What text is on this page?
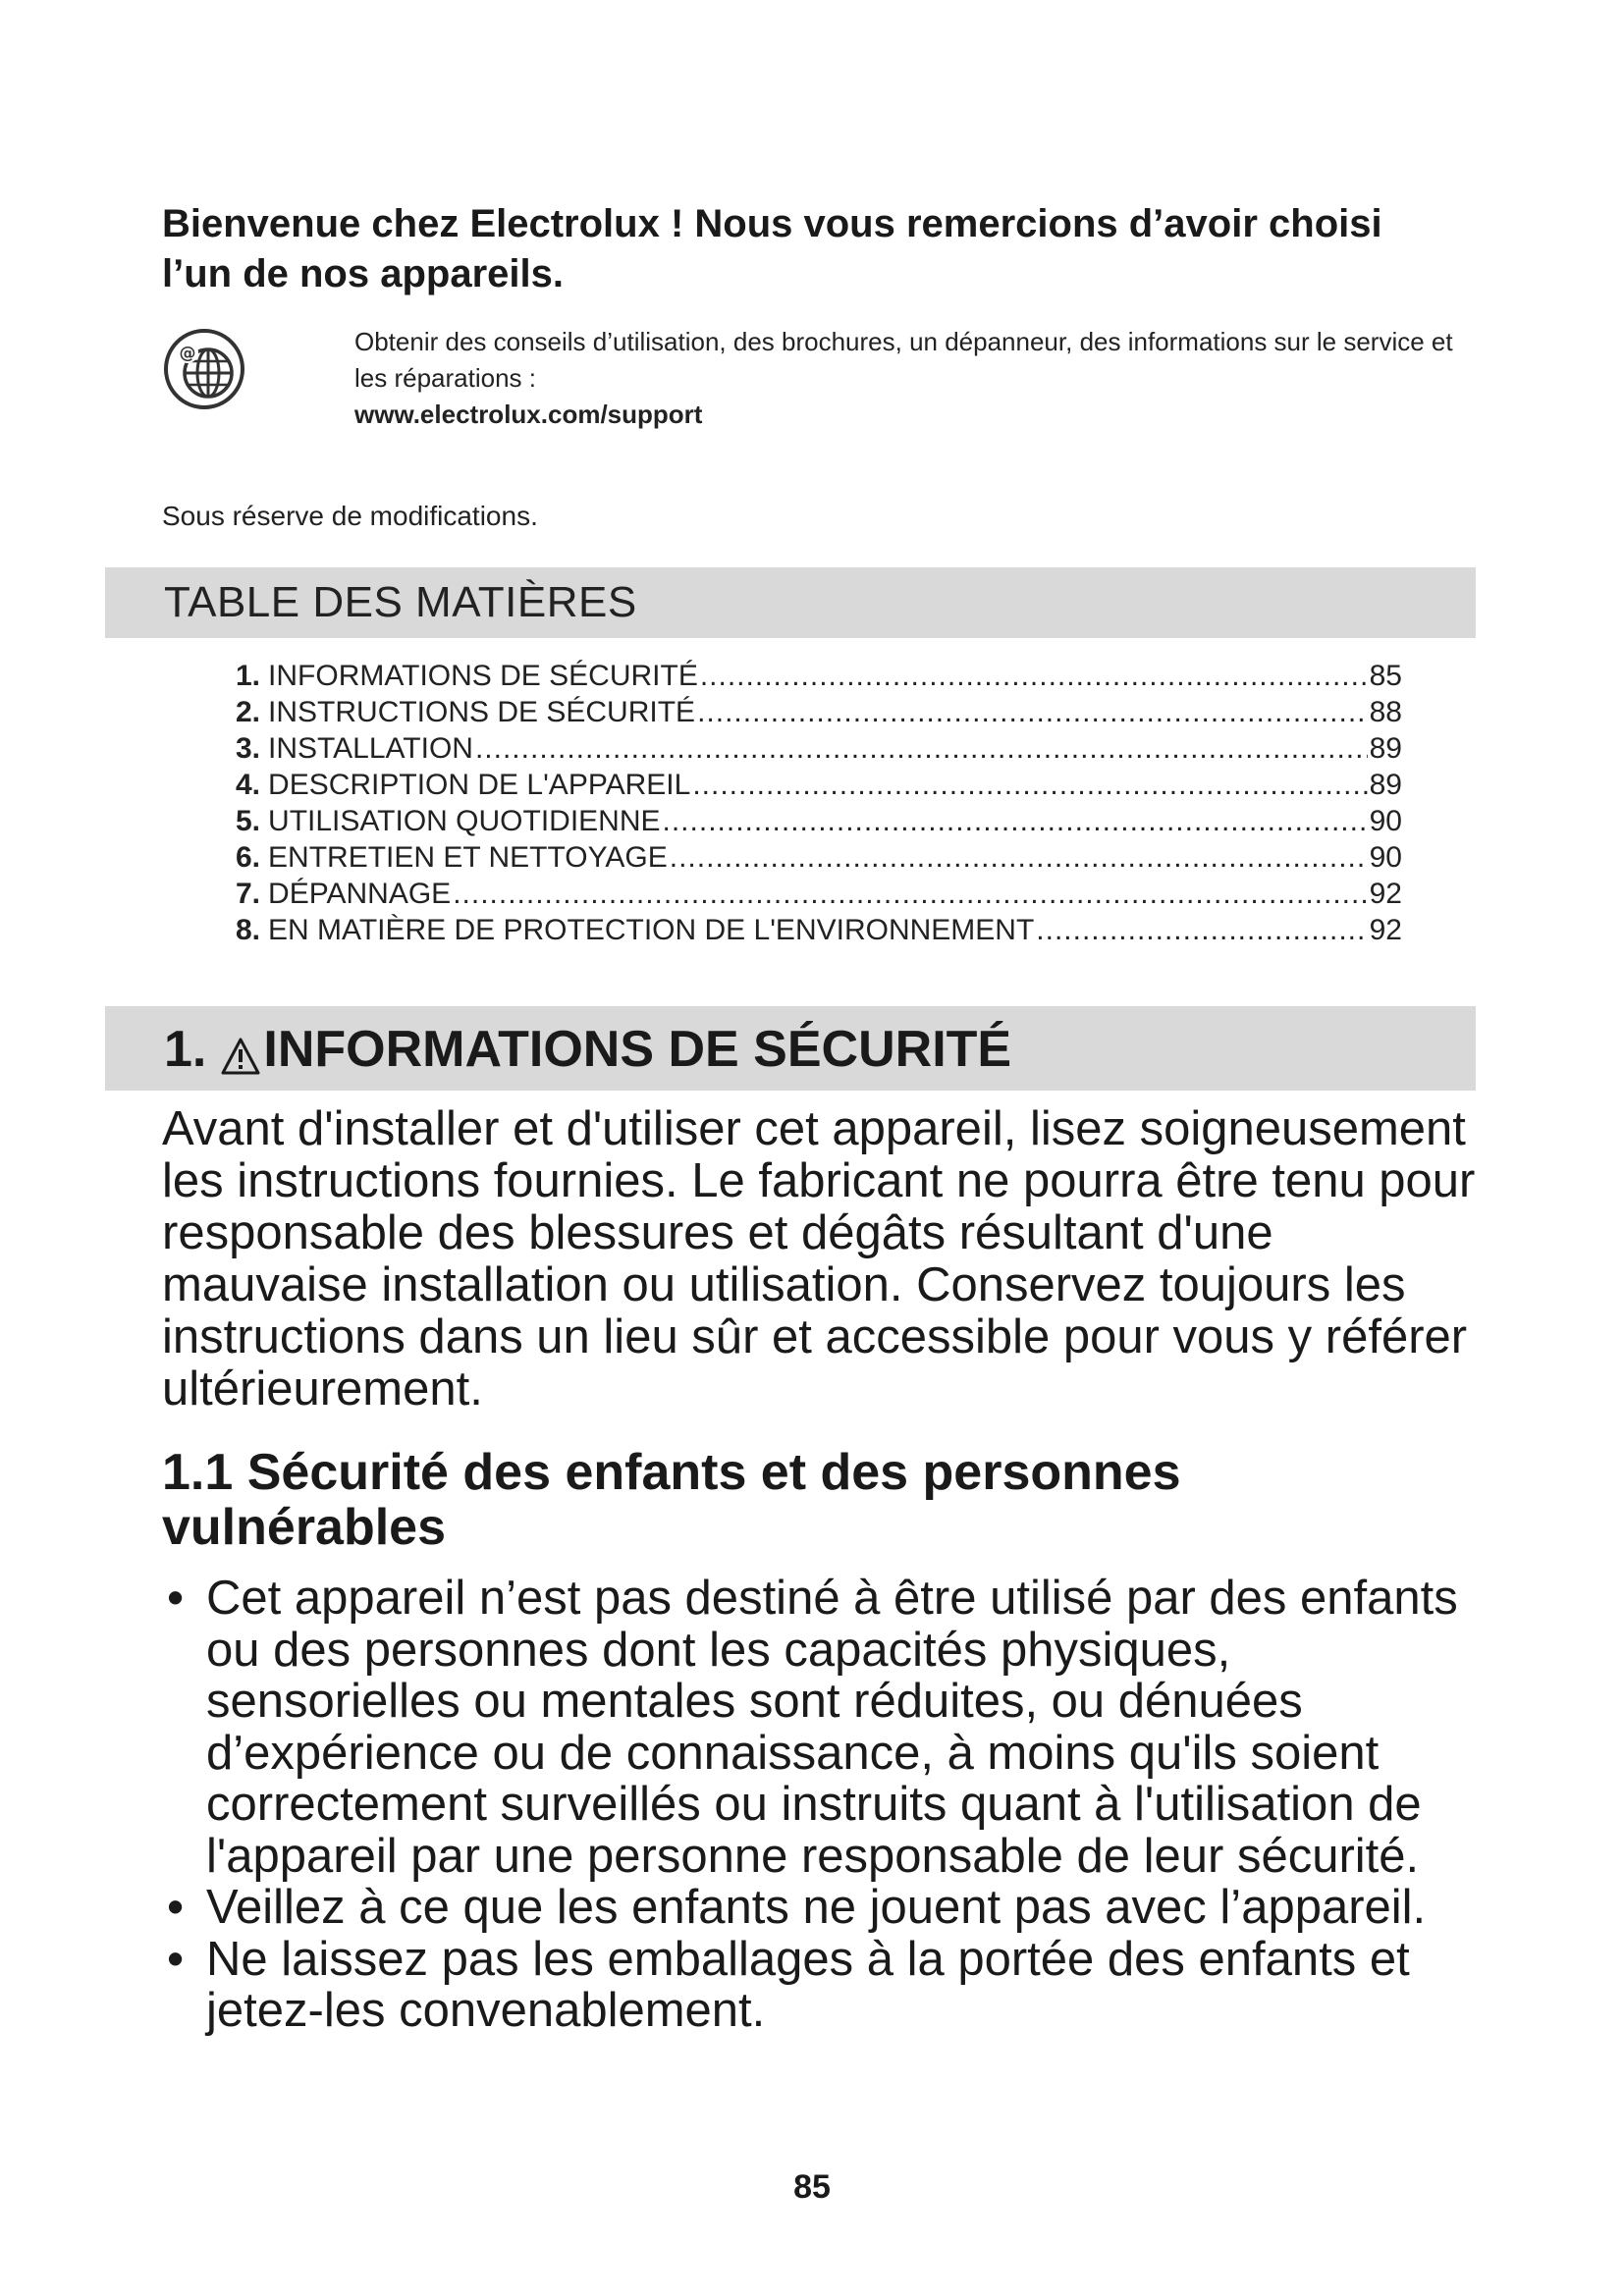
Bienvenue chez Electrolux ! Nous vous remercions d’avoir choisi l’un de nos appareils.
@	Obtenir des conseils d’utilisation, des brochures, un dépanneur, des informations sur le service et les réparations :
www.electrolux.com/support
Sous réserve de modifications.
TABLE DES MATIÈRES
1. INFORMATIONS DE SÉCURITÉ .....	85
2. INSTRUCTIONS DE SÉCURITÉ .....	88
3. INSTALLATION .....	89
4. DESCRIPTION DE L'APPAREIL .....	89
5. UTILISATION QUOTIDIENNE .....	90
6. ENTRETIEN ET NETTOYAGE .....	90
7. DÉPANNAGE .....	92
8. EN MATIÈRE DE PROTECTION DE L'ENVIRONNEMENT .....	92
1. INFORMATIONS DE SÉCURITÉ

Avant d'installer et d'utiliser cet appareil, lisez soigneusement les instructions fournies. Le fabricant ne pourra être tenu pour responsable des blessures et dégâts résultant d'une mauvaise installation ou utilisation. Conservez toujours les instructions dans un lieu sûr et accessible pour vous y référer ultérieurement.

1.1 Sécurité des enfants et des personnes vulnérables
• Cet appareil n’est pas destiné à être utilisé par des enfants ou des personnes dont les capacités physiques, sensorielles ou mentales sont réduites, ou dénuées d’expérience ou de connaissance, à moins qu'ils soient correctement surveillés ou instruits quant à l'utilisation de l'appareil par une personne responsable de leur sécurité.
• Veillez à ce que les enfants ne jouent pas avec l’appareil.
• Ne laissez pas les emballages à la portée des enfants et jetez-les convenablement.
85
